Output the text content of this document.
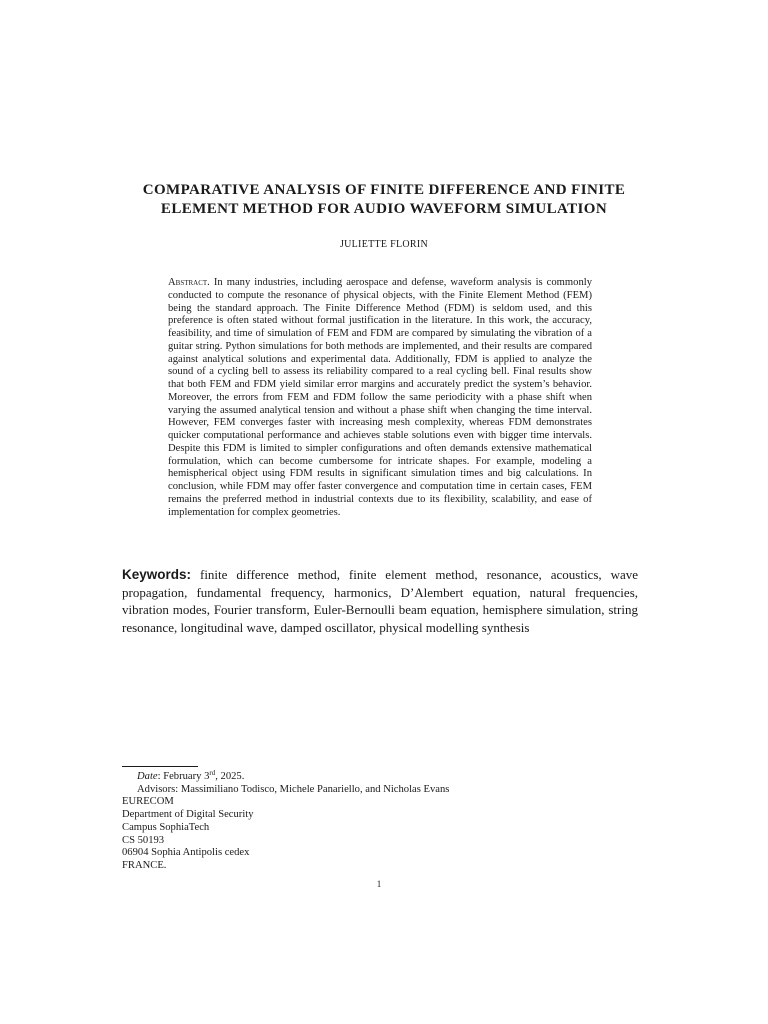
COMPARATIVE ANALYSIS OF FINITE DIFFERENCE AND FINITE
ELEMENT METHOD FOR AUDIO WAVEFORM SIMULATION
JULIETTE FLORIN
Abstract. In many industries, including aerospace and defense, waveform analysis is commonly conducted to compute the resonance of physical objects, with the Finite Element Method (FEM) being the standard approach. The Finite Difference Method (FDM) is seldom used, and this preference is often stated without formal justification in the literature. In this work, the accuracy, feasibility, and time of simulation of FEM and FDM are compared by simulating the vibration of a guitar string. Python simulations for both methods are implemented, and their results are compared against analytical solutions and experimental data. Additionally, FDM is applied to analyze the sound of a cycling bell to assess its reliability compared to a real cycling bell. Final results show that both FEM and FDM yield similar error margins and accurately predict the system’s behavior. Moreover, the errors from FEM and FDM follow the same periodicity with a phase shift when varying the assumed analytical tension and without a phase shift when changing the time interval. However, FEM converges faster with increasing mesh complexity, whereas FDM demonstrates quicker computational performance and achieves stable solutions even with bigger time intervals. Despite this FDM is limited to simpler configurations and often demands extensive mathematical formulation, which can become cumbersome for intricate shapes. For example, modeling a hemispherical object using FDM results in significant simulation times and big calculations. In conclusion, while FDM may offer faster convergence and computation time in certain cases, FEM remains the preferred method in industrial contexts due to its flexibility, scalability, and ease of implementation for complex geometries.
Keywords: finite difference method, finite element method, resonance, acoustics, wave propagation, fundamental frequency, harmonics, D’Alembert equation, natural frequencies, vibration modes, Fourier transform, Euler-Bernoulli beam equation, hemisphere simulation, string resonance, longitudinal wave, damped oscillator, physical modelling synthesis
Date: February 3rd, 2025.
Advisors: Massimiliano Todisco, Michele Panariello, and Nicholas Evans
EURECOM
Department of Digital Security
Campus SophiaTech
CS 50193
06904 Sophia Antipolis cedex
FRANCE.
1
